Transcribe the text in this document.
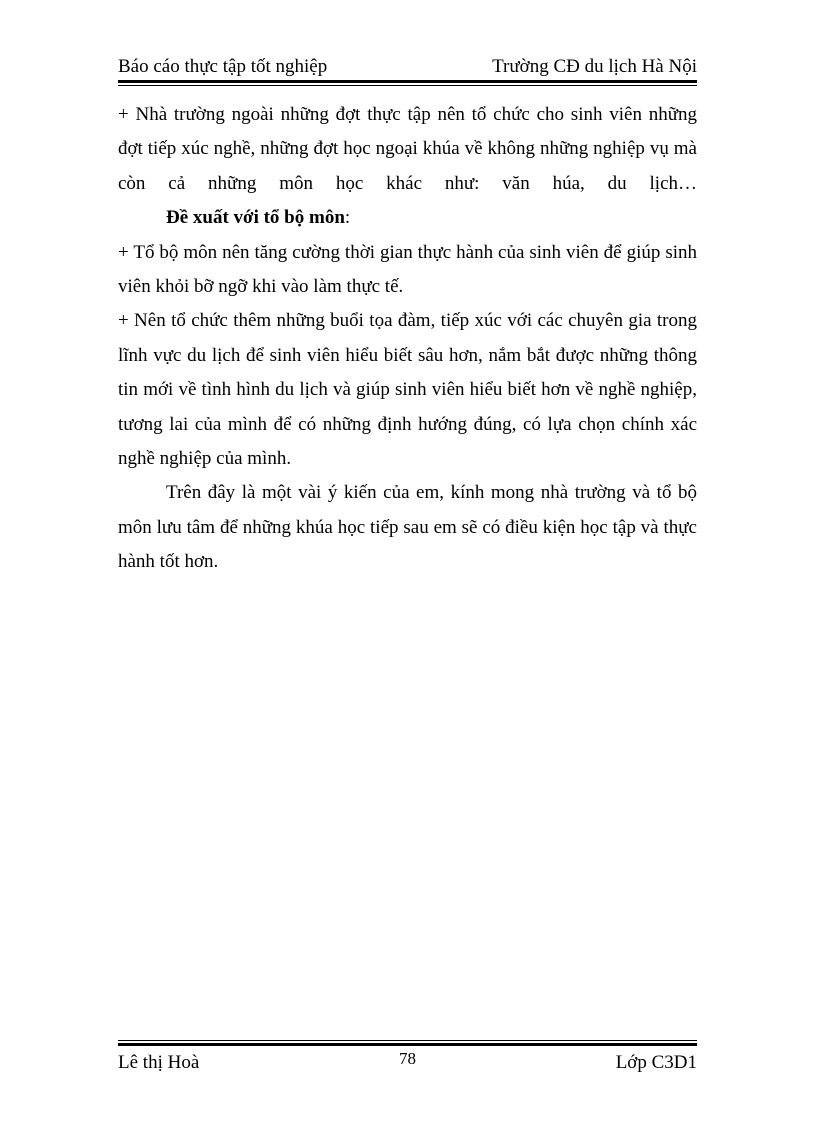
Báo cáo thực tập tốt nghiệp	Trường CĐ du lịch Hà Nội

+ Nhà trường ngoài những đợt thực tập nên tổ chức cho sinh viên những đợt tiếp xúc nghề, những đợt học ngoại khúa về không những nghiệp vụ mà còn cả những môn học khác như: văn húa, du lịch…

Đề xuất với tổ bộ môn:

+ Tổ bộ môn nên tăng cường thời gian thực hành của sinh viên để giúp sinh viên khỏi bỡ ngỡ khi vào làm thực tế.

+ Nên tổ chức thêm những buổi tọa đàm, tiếp xúc với các chuyên gia trong lĩnh vực du lịch để sinh viên hiểu biết sâu hơn, nắm bắt được những thông tin mới về tình hình du lịch và giúp sinh viên hiểu biết hơn về nghề nghiệp, tương lai của mình để có những định hướng đúng, có lựa chọn chính xác nghề nghiệp của mình.

Trên đây là một vài ý kiến của em, kính mong nhà trường và tổ bộ môn lưu tâm để những khúa học tiếp sau em sẽ có điều kiện học tập và thực hành tốt hơn.

Lê thị Hoà	78	Lớp C3D1
